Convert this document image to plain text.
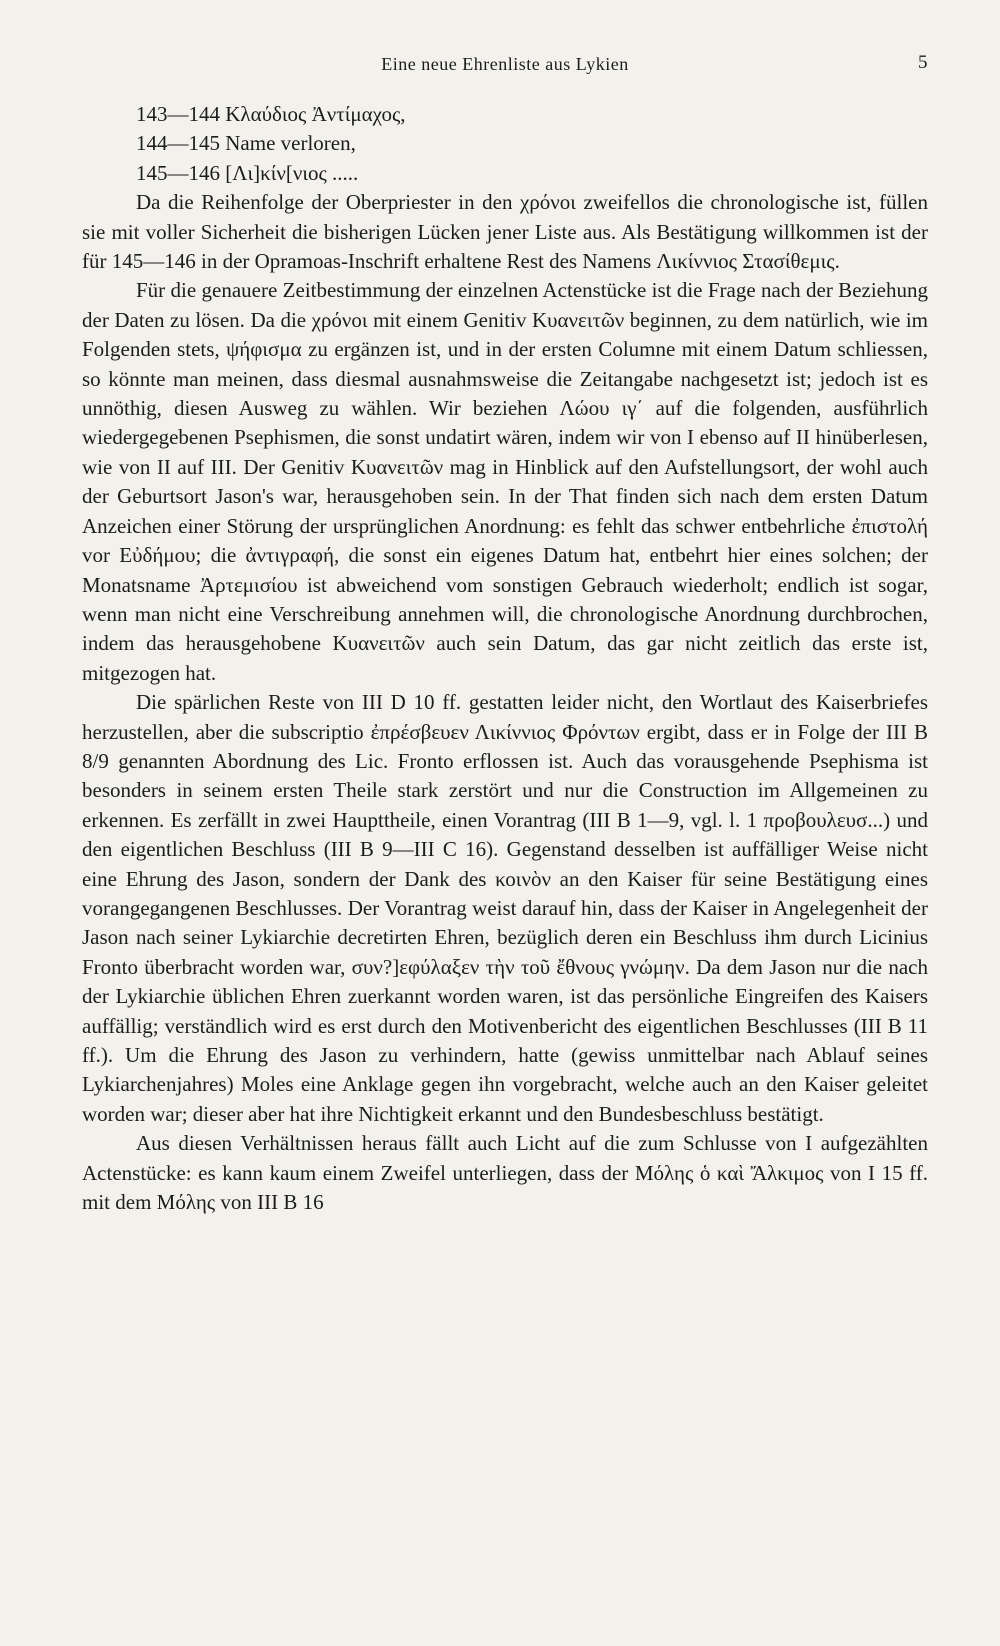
Eine neue Ehrenliste aus Lykien	5
143—144 Κλαύδιος Ἀντίμαχος,
144—145 Name verloren,
145—146 [Λι]κίν[νιος .....

Da die Reihenfolge der Oberpriester in den χρόνοι zweifellos die chronologische ist, füllen sie mit voller Sicherheit die bisherigen Lücken jener Liste aus. Als Bestätigung willkommen ist der für 145—146 in der Opramoas-Inschrift erhaltene Rest des Namens Λικίννιος Στασίθεμις.

Für die genauere Zeitbestimmung der einzelnen Actenstücke ist die Frage nach der Beziehung der Daten zu lösen. Da die χρόνοι mit einem Genitiv Κυανειτῶν beginnen, zu dem natürlich, wie im Folgenden stets, ψήφισμα zu ergänzen ist, und in der ersten Columne mit einem Datum schliessen, so könnte man meinen, dass diesmal ausnahmsweise die Zeitangabe nachgesetzt ist; jedoch ist es unnöthig, diesen Ausweg zu wählen. Wir beziehen Λώου ιγ΄ auf die folgenden, ausführlich wiedergegebenen Psephismen, die sonst undatirt wären, indem wir von I ebenso auf II hinüberlesen, wie von II auf III. Der Genitiv Κυανειτῶν mag in Hinblick auf den Aufstellungsort, der wohl auch der Geburtsort Jason's war, herausgehoben sein. In der That finden sich nach dem ersten Datum Anzeichen einer Störung der ursprünglichen Anordnung: es fehlt das schwer entbehrliche ἐπιστολή vor Εὐδήμου; die ἀντιγραφή, die sonst ein eigenes Datum hat, entbehrt hier eines solchen; der Monatsname Ἀρτεμισίου ist abweichend vom sonstigen Gebrauch wiederholt; endlich ist sogar, wenn man nicht eine Verschreibung annehmen will, die chronologische Anordnung durchbrochen, indem das herausgehobene Κυανειτῶν auch sein Datum, das gar nicht zeitlich das erste ist, mitgezogen hat.

Die spärlichen Reste von III D 10 ff. gestatten leider nicht, den Wortlaut des Kaiserbriefes herzustellen, aber die subscriptio ἐπρέσβευεν Λικίννιος Φρόντων ergibt, dass er in Folge der III B 8/9 genannten Abordnung des Lic. Fronto erflossen ist. Auch das vorausgehende Psephisma ist besonders in seinem ersten Theile stark zerstört und nur die Construction im Allgemeinen zu erkennen. Es zerfällt in zwei Haupttheile, einen Vorantrag (III B 1—9, vgl. l. 1 προβουλευσ...) und den eigentlichen Beschluss (III B 9—III C 16). Gegenstand desselben ist auffälliger Weise nicht eine Ehrung des Jason, sondern der Dank des κοινὸν an den Kaiser für seine Bestätigung eines vorangegangenen Beschlusses. Der Vorantrag weist darauf hin, dass der Kaiser in Angelegenheit der Jason nach seiner Lykiarchie decretirten Ehren, bezüglich deren ein Beschluss ihm durch Licinius Fronto überbracht worden war, συν?]εφύλαξεν τὴν τοῦ ἔθνους γνώμην. Da dem Jason nur die nach der Lykiarchie üblichen Ehren zuerkannt worden waren, ist das persönliche Eingreifen des Kaisers auffällig; verständlich wird es erst durch den Motivenbericht des eigentlichen Beschlusses (III B 11 ff.). Um die Ehrung des Jason zu verhindern, hatte (gewiss unmittelbar nach Ablauf seines Lykiarchenjahres) Moles eine Anklage gegen ihn vorgebracht, welche auch an den Kaiser geleitet worden war; dieser aber hat ihre Nichtigkeit erkannt und den Bundesbeschluss bestätigt.

Aus diesen Verhältnissen heraus fällt auch Licht auf die zum Schlusse von I aufgezählten Actenstücke: es kann kaum einem Zweifel unterliegen, dass der Μόλης ὁ καὶ Ἄλκιμος von I 15 ff. mit dem Μόλης von III B 16
